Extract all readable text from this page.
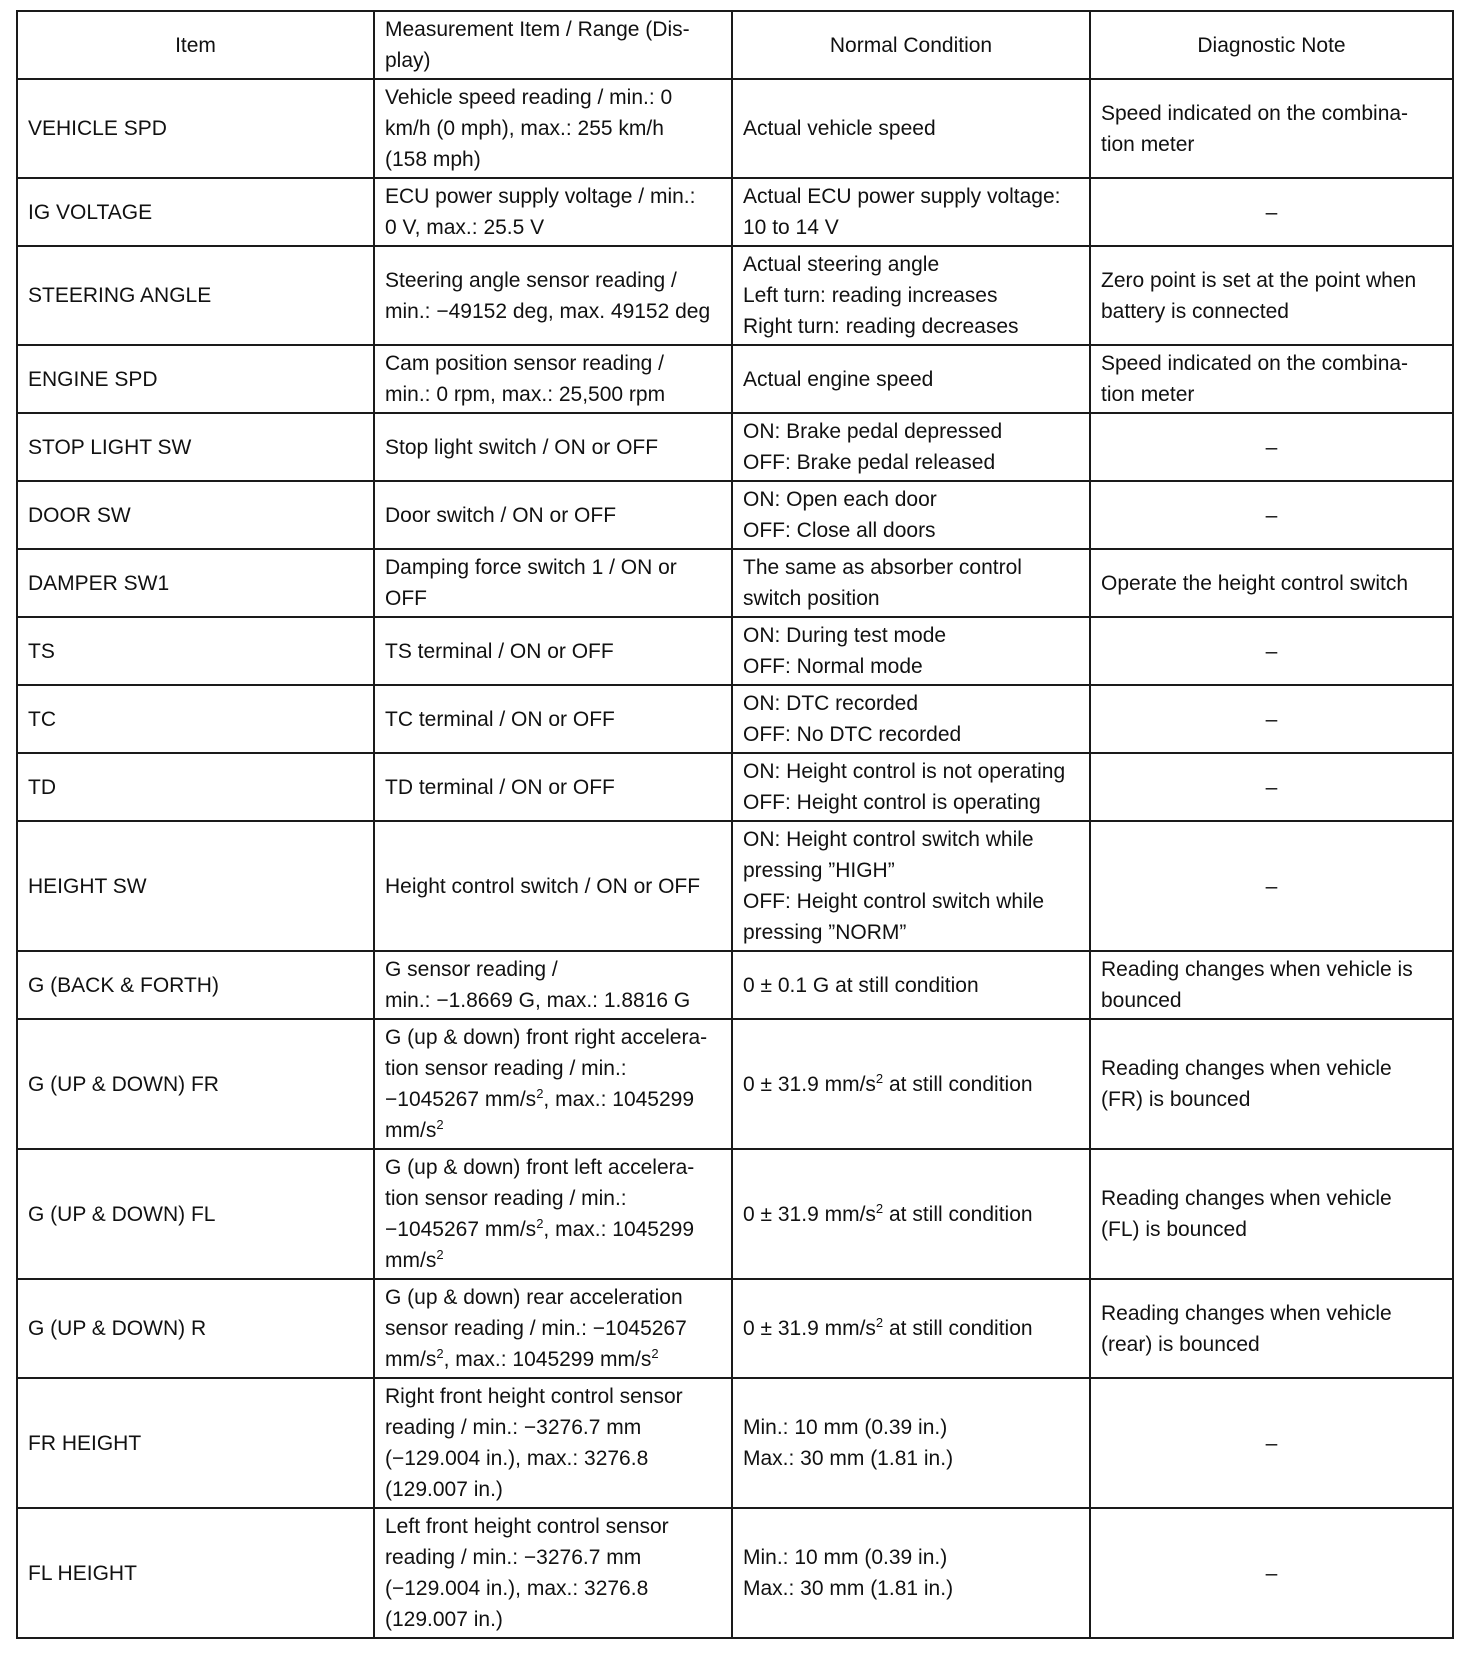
Item	Measurement Item / Range (Dis-play)	Normal Condition	Diagnostic Note
VEHICLE SPD	Vehicle speed reading / min.: 0
km/h (0 mph), max.: 255 km/h
(158 mph)	Actual vehicle speed	Speed indicated on the combina-
tion meter

IG VOLTAGE	ECU power supply voltage / min.:
0 V, max.: 25.5 V	Actual ECU power supply voltage:
10 to 14 V	–

STEERING ANGLE	Steering angle sensor reading /
min.: −49152 deg, max. 49152 deg	Actual steering angle
Left turn: reading increases
Right turn: reading decreases	Zero point is set at the point when
battery is connected

ENGINE SPD	Cam position sensor reading /
min.: 0 rpm, max.: 25,500 rpm	Actual engine speed	Speed indicated on the combina-
tion meter

STOP LIGHT SW	Stop light switch / ON or OFF	ON: Brake pedal depressed
OFF: Brake pedal released	–

DOOR SW	Door switch / ON or OFF	ON: Open each door
OFF: Close all doors	–

DAMPER SW1	Damping force switch 1 / ON or
OFF	The same as absorber control
switch position	Operate the height control switch

TS	TS terminal / ON or OFF	ON: During test mode
OFF: Normal mode	–

TC	TC terminal / ON or OFF	ON: DTC recorded
OFF: No DTC recorded	–

TD	TD terminal / ON or OFF	ON: Height control is not operating
OFF: Height control is operating	–

HEIGHT SW	Height control switch / ON or OFF	ON: Height control switch while
pressing ”HIGH”
OFF: Height control switch while
pressing ”NORM”	–

G (BACK & FORTH)	G sensor reading /
min.: −1.8669 G, max.: 1.8816 G	0 ± 0.1 G at still condition	Reading changes when vehicle is
bounced

G (UP & DOWN) FR	G (up & down) front right accelera-
tion sensor reading / min.:
−1045267 $mm/s^2$, max.: 1045299
$mm/s^2$	0 ± 31.9 $mm/s^2$ at still condition	Reading changes when vehicle
(FR) is bounced

G (UP & DOWN) FL	G (up & down) front left accelera-
tion sensor reading / min.:
−1045267 $mm/s^2$, max.: 1045299
$mm/s^2$	0 ± 31.9 $mm/s^2$ at still condition	Reading changes when vehicle
(FL) is bounced

G (UP & DOWN) R	G (up & down) rear acceleration
sensor reading / min.: −1045267
$mm/s^2$, max.: 1045299 $mm/s^2$	0 ± 31.9 $mm/s^2$ at still condition	Reading changes when vehicle
(rear) is bounced

FR HEIGHT	Right front height control sensor
reading / min.: −3276.7 mm
(−129.004 in.), max.: 3276.8
(129.007 in.)	Min.: 10 mm (0.39 in.)
Max.: 30 mm (1.81 in.)	–

FL HEIGHT	Left front height control sensor
reading / min.: −3276.7 mm
(−129.004 in.), max.: 3276.8
(129.007 in.)	Min.: 10 mm (0.39 in.)
Max.: 30 mm (1.81 in.)	–
